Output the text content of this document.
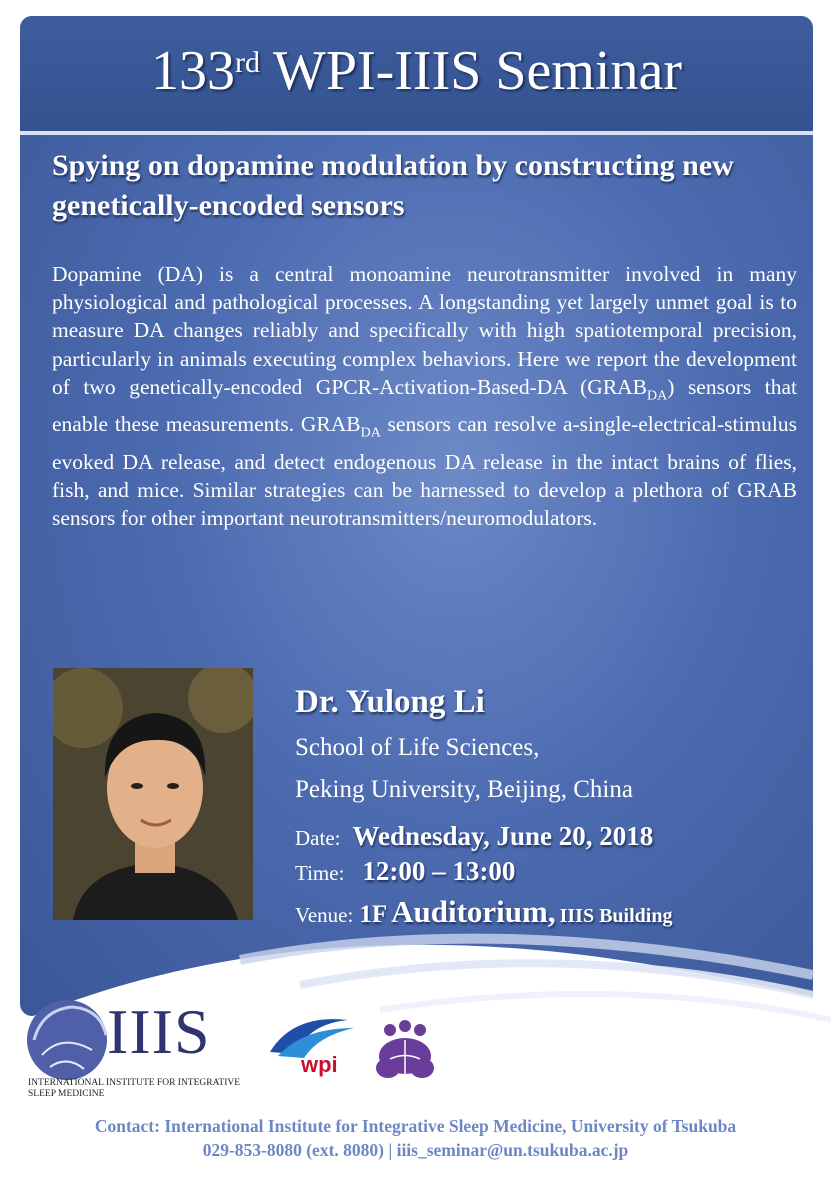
133rd WPI-IIIS Seminar
Spying on dopamine modulation by constructing new genetically-encoded sensors
Dopamine (DA) is a central monoamine neurotransmitter involved in many physiological and pathological processes. A longstanding yet largely unmet goal is to measure DA changes reliably and specifically with high spatiotemporal precision, particularly in animals executing complex behaviors. Here we report the development of two genetically-encoded GPCR-Activation-Based-DA $(GRAB_{DA})$ sensors that enable these measurements. $GRAB_{DA}$ sensors can resolve a-single-electrical-stimulus evoked DA release, and detect endogenous DA release in the intact brains of flies, fish, and mice. Similar strategies can be harnessed to develop a plethora of GRAB sensors for other important neurotransmitters/neuromodulators.
Dr. Yulong Li
School of Life Sciences,
Peking University, Beijing, China
Date: Wednesday, June 20, 2018
Time: 12:00 – 13:00
Venue: 1F Auditorium, IIIS Building
IIIS
INTERNATIONAL INSTITUTE FOR INTEGRATIVE
SLEEP MEDICINE
wpi
Contact: International Institute for Integrative Sleep Medicine, University of Tsukuba
029-853-8080 (ext. 8080) | iiis_seminar@un.tsukuba.ac.jp
